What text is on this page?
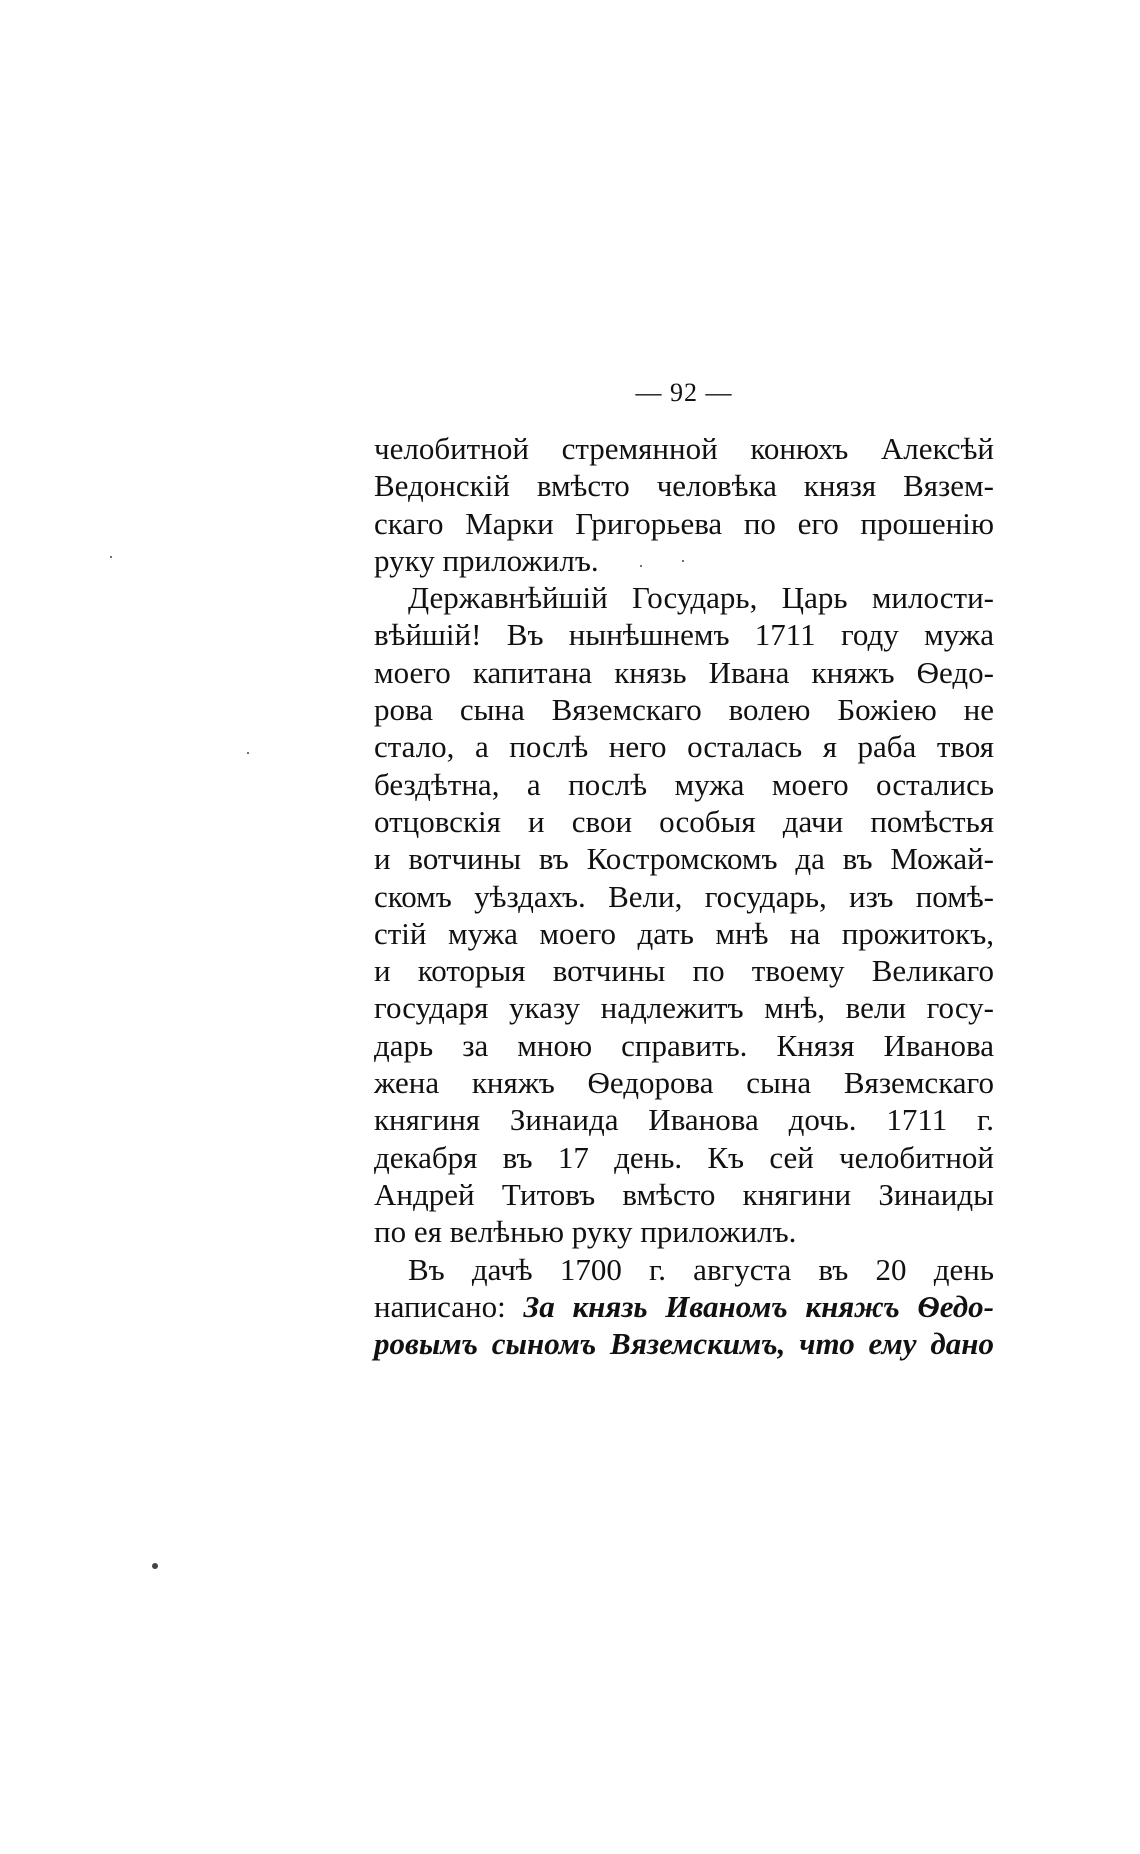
— 92 —
челобитной стремянной конюхъ Алексѣй
Ведонскій вмѣсто человѣка князя Вязем-
скаго Марки Григорьева по его прошенію
руку приложилъ.
Державнѣйшій Государь, Царь милости-
вѣйшій! Въ нынѣшнемъ 1711 году мужа
моего капитана князь Ивана княжъ Ѳедо-
рова сына Вяземскаго волею Божіею не
стало, а послѣ него осталась я раба твоя
бездѣтна, а послѣ мужа моего остались
отцовскія и свои особыя дачи помѣстья
и вотчины въ Костромскомъ да въ Можай-
скомъ уѣздахъ. Вели, государь, изъ помѣ-
стій мужа моего дать мнѣ на прожитокъ,
и которыя вотчины по твоему Великаго
государя указу надлежитъ мнѣ, вели госу-
дарь за мною справить. Князя Иванова
жена княжъ Ѳедорова сына Вяземскаго
княгиня Зинаида Иванова дочь. 1711 г.
декабря въ 17 день. Къ сей челобитной
Андрей Титовъ вмѣсто княгини Зинаиды
по ея велѣнью руку приложилъ.
Въ дачѣ 1700 г. августа въ 20 день
написано: За князь Иваномъ княжъ Ѳедо-
ровымъ сыномъ Вяземскимъ, что ему дано
